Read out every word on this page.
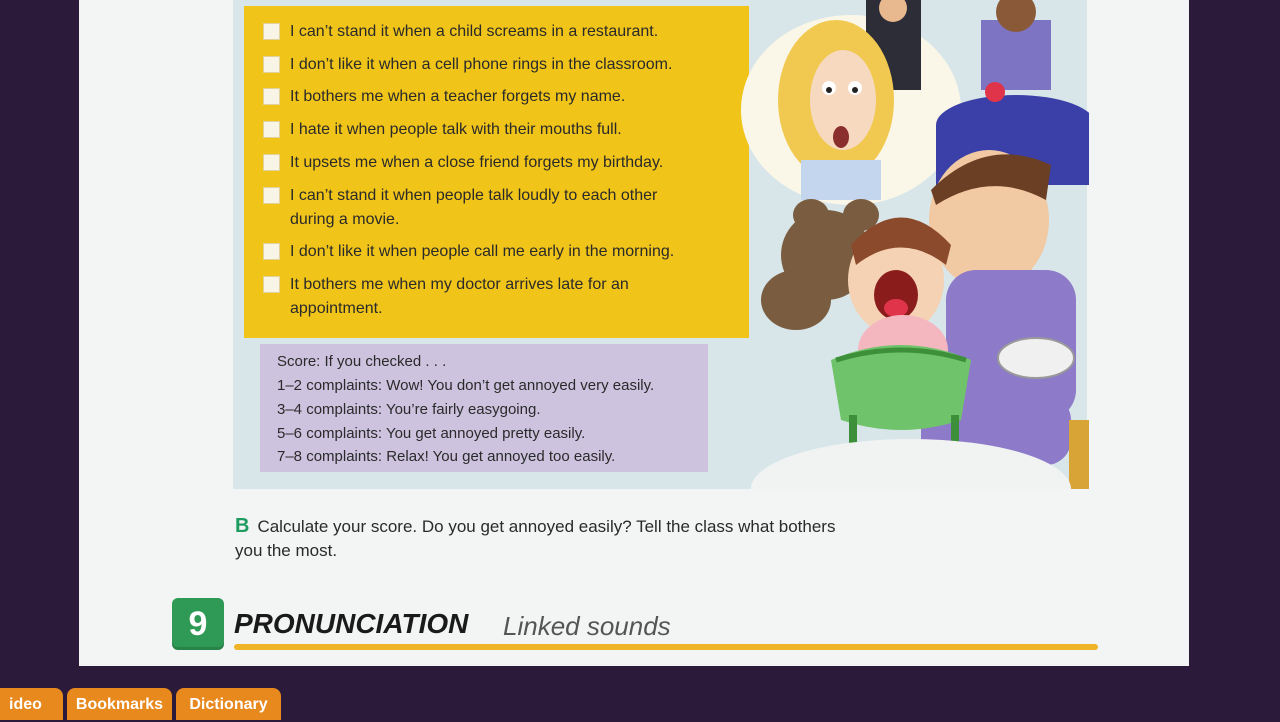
I can’t stand it when a child screams in a restaurant.
I don’t like it when a cell phone rings in the classroom.
It bothers me when a teacher forgets my name.
I hate it when people talk with their mouths full.
It upsets me when a close friend forgets my birthday.
I can’t stand it when people talk loudly to each other during a movie.
I don’t like it when people call me early in the morning.
It bothers me when my doctor arrives late for an appointment.
Score: If you checked . . .
1–2 complaints: Wow! You don’t get annoyed very easily.
3–4 complaints: You’re fairly easygoing.
5–6 complaints: You get annoyed pretty easily.
7–8 complaints: Relax! You get annoyed too easily.
B Calculate your score. Do you get annoyed easily? Tell the class what bothers you the most.
9 PRONUNCIATION Linked sounds
ideo	Bookmarks	Dictionary
